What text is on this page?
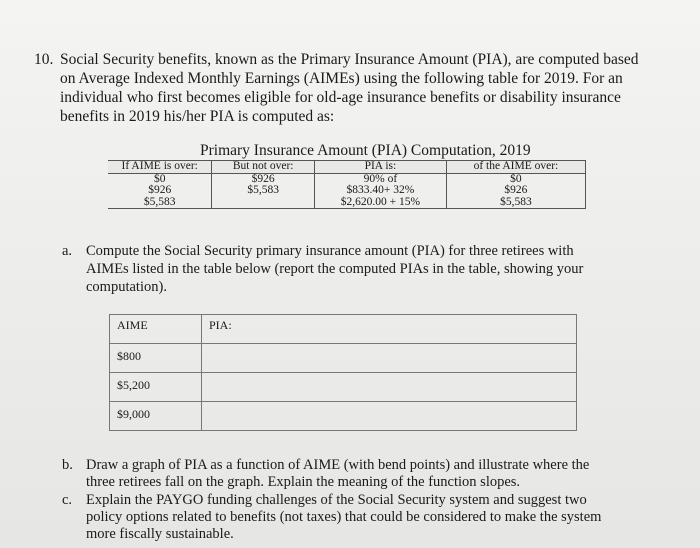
10. Social Security benefits, known as the Primary Insurance Amount (PIA), are computed based
on Average Indexed Monthly Earnings (AIMEs) using the following table for 2019. For an
individual who first becomes eligible for old-age insurance benefits or disability insurance
benefits in 2019 his/her PIA is computed as:
Primary Insurance Amount (PIA) Computation, 2019
If AIME is over:	But not over:	PIA is:	of the AIME over:
$0	$926	90% of	$0
$926	$5,583	$833.40+ 32%	$926
$5,583		$2,620.00 + 15%	$5,583
a. Compute the Social Security primary insurance amount (PIA) for three retirees with
AIMEs listed in the table below (report the computed PIAs in the table, showing your
computation).
AIME	PIA:
$800	
$5,200	
$9,000	
b. Draw a graph of PIA as a function of AIME (with bend points) and illustrate where the
three retirees fall on the graph. Explain the meaning of the function slopes.
c. Explain the PAYGO funding challenges of the Social Security system and suggest two
policy options related to benefits (not taxes) that could be considered to make the system
more fiscally sustainable.
